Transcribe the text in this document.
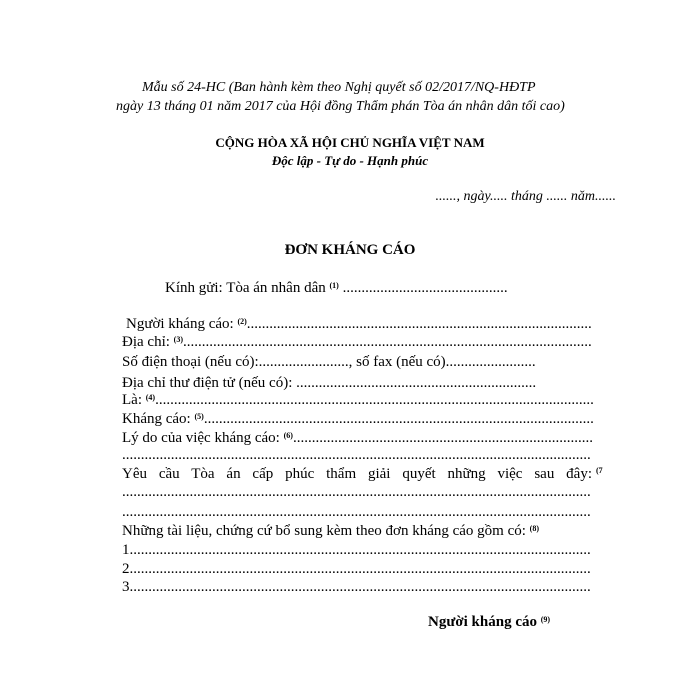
Mẫu số 24-HC (Ban hành kèm theo Nghị quyết số 02/2017/NQ-HĐTP
ngày 13 tháng 01 năm 2017 của Hội đồng Thẩm phán Tòa án nhân dân tối cao)
CỘNG HÒA XÃ HỘI CHỦ NGHĨA VIỆT NAM
Độc lập - Tự do - Hạnh phúc
......, ngày..... tháng ...... năm......
ĐƠN KHÁNG CÁO
Kính gửi: Tòa án nhân dân $^{(1)}$ ............................................
Người kháng cáo: $^{(2)}$............................................................................................
Địa chỉ: $^{(3)}$.............................................................................................................
Số điện thoại (nếu có):........................, số fax (nếu có)........................
Địa chỉ thư điện tử (nếu có): ................................................................
Là: $^{(4)}$.....................................................................................................................
Kháng cáo: $^{(5)}$........................................................................................................
Lý do của việc kháng cáo: $^{(6)}$................................................................................
.............................................................................................................................
Yêu cầu Tòa án cấp phúc thẩm giải quyết những việc sau đây: (7
.............................................................................................................................
.............................................................................................................................
Những tài liệu, chứng cứ bổ sung kèm theo đơn kháng cáo gồm có: $^{(8)}$
1...........................................................................................................................
2...........................................................................................................................
3...........................................................................................................................
Người kháng cáo $^{(9)}$
